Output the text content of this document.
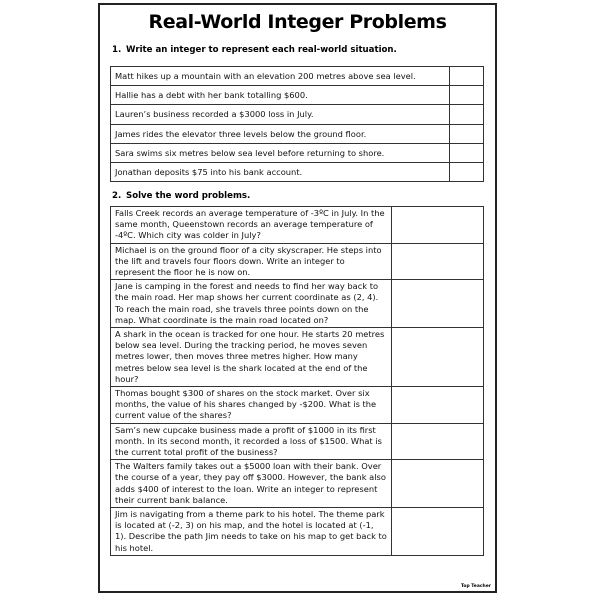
Real-World Integer Problems
1. Write an integer to represent each real-world situation.
Matt hikes up a mountain with an elevation 200 metres above sea level.	
Hallie has a debt with her bank totalling $600.	
Lauren’s business recorded a $3000 loss in July.	
James rides the elevator three levels below the ground floor.	
Sara swims six metres below sea level before returning to shore.	
Jonathan deposits $75 into his bank account.	
2. Solve the word problems.
Falls Creek records an average temperature of -3ºC in July. In the same month, Queenstown records an average temperature of -4ºC. Which city was colder in July?	
Michael is on the ground floor of a city skyscraper. He steps into the lift and travels four floors down. Write an integer to represent the floor he is now on.	
Jane is camping in the forest and needs to find her way back to the main road. Her map shows her current coordinate as (2, 4). To reach the main road, she travels three points down on the map. What coordinate is the main road located on?	
A shark in the ocean is tracked for one hour. He starts 20 metres below sea level. During the tracking period, he moves seven metres lower, then moves three metres higher. How many metres below sea level is the shark located at the end of the hour?	
Thomas bought $300 of shares on the stock market. Over six months, the value of his shares changed by -$200. What is the current value of the shares?	
Sam’s new cupcake business made a profit of $1000 in its first month. In its second month, it recorded a loss of $1500. What is the current total profit of the business?	
The Walters family takes out a $5000 loan with their bank. Over the course of a year, they pay off $3000. However, the bank also adds $400 of interest to the loan. Write an integer to represent their current bank balance.	
Jim is navigating from a theme park to his hotel. The theme park is located at (-2, 3) on his map, and the hotel is located at (-1, 1). Describe the path Jim needs to take on his map to get back to his hotel.	
Top Teacher
